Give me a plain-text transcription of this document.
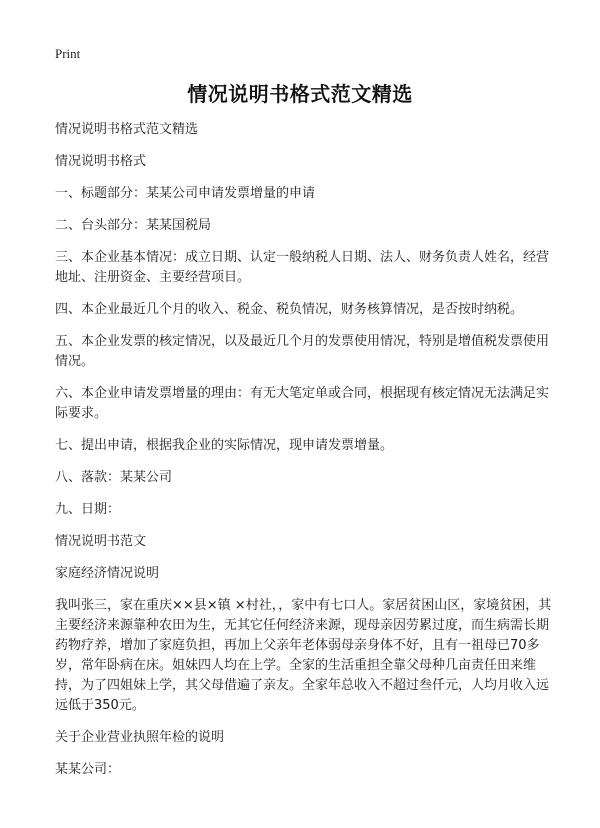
Print
情况说明书格式范文精选

情况说明书格式范文精选

情况说明书格式

一、标题部分：某某公司申请发票增量的申请

二、台头部分：某某国税局

三、本企业基本情况：成立日期、认定一般纳税人日期、法人、财务负责人姓名，经营地址、注册资金、主要经营项目。

四、本企业最近几个月的收入、税金、税负情况，财务核算情况，是否按时纳税。

五、本企业发票的核定情况，以及最近几个月的发票使用情况，特别是增值税发票使用情况。

六、本企业申请发票增量的理由：有无大笔定单或合同，根据现有核定情况无法满足实际要求。

七、提出申请，根据我企业的实际情况，现申请发票增量。

八、落款：某某公司

九、日期：

情况说明书范文

家庭经济情况说明

我叫张三，家在重庆××县×镇 ×村社，，家中有七口人。家居贫困山区，家境贫困，其主要经济来源靠种农田为生，无其它任何经济来源，现母亲因劳累过度，而生病需长期药物疗养，增加了家庭负担，再加上父亲年老体弱母亲身体不好，且有一祖母已70多岁，常年卧病在床。姐妹四人均在上学。全家的生活重担全靠父母种几亩责任田来维持，为了四姐妹上学，其父母借遍了亲友。全家年总收入不超过叁仟元，人均月收入远远低于350元。

关于企业营业执照年检的说明

某某公司：
